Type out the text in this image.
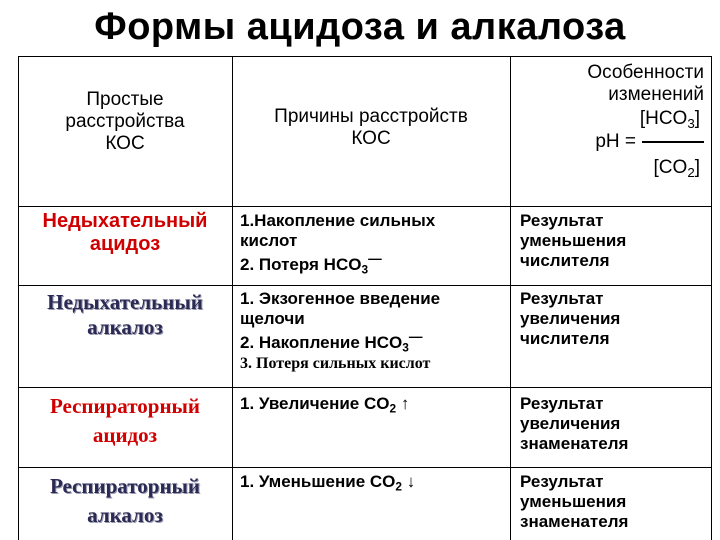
Формы ацидоза и алкалоза
Простые
расстройства
КОС
Причины расстройств
КОС
Особенности
изменений
$[HCO_3]$
pH =
$[CO_2]$
Недыхательный
ацидоз
1.Накопление сильных
кислот
2. Потеря $HCO_3^—$
Результат
уменьшения
числителя
Недыхательный
алкалоз
1. Экзогенное введение
щелочи
2. Накопление $HCO_3^—$
3. Потеря сильных кислот
Результат
увеличения
числителя
Респираторный
ацидоз
1. Увеличение $CO_2$ ↑	Результат
увеличения
знаменателя
Респираторный
алкалоз
1. Уменьшение $CO_2$ ↓	Результат
уменьшения
знаменателя
